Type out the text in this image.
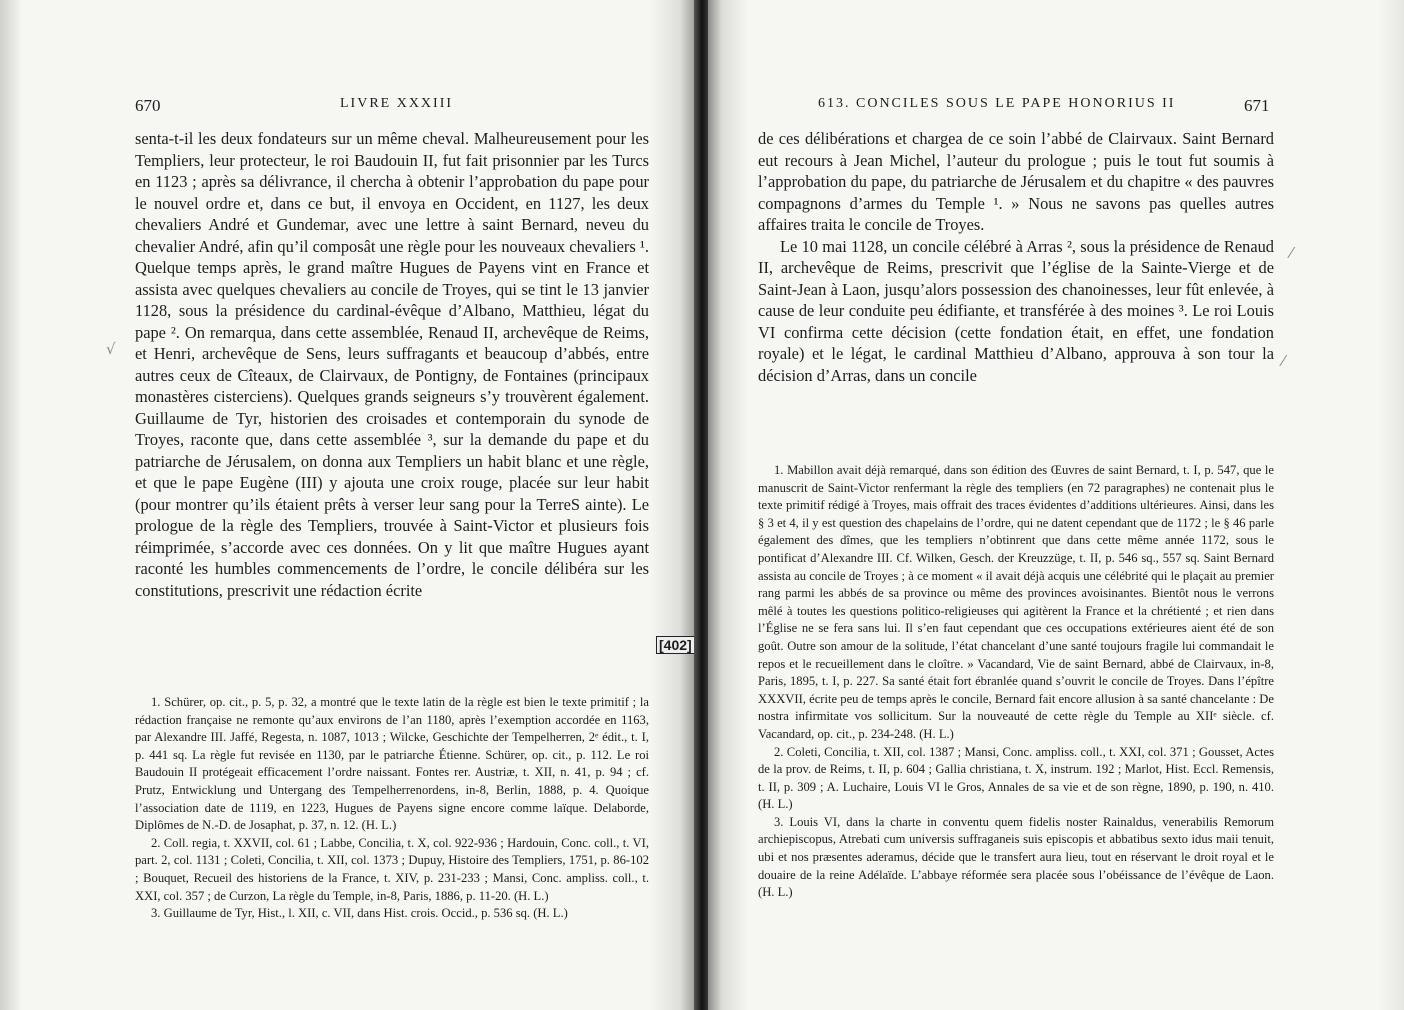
670	LIVRE XXXIII

senta-t-il les deux fondateurs sur un même cheval. Malheureusement pour les Templiers, leur protecteur, le roi Baudouin II, fut fait prisonnier par les Turcs en 1123 ; après sa délivrance, il chercha à obtenir l’approbation du pape pour le nouvel ordre et, dans ce but, il envoya en Occident, en 1127, les deux chevaliers André et Gundemar, avec une lettre à saint Bernard, neveu du chevalier André, afin qu’il composât une règle pour les nouveaux chevaliers ¹. Quelque temps après, le grand maître Hugues de Payens vint en France et assista avec quelques chevaliers au concile de Troyes, qui se tint le 13 janvier 1128, sous la présidence du cardinal-évêque d’Albano, Matthieu, légat du pape ². On remarqua, dans cette assemblée, Renaud II, archevêque de Reims, et Henri, archevêque de Sens, leurs suffragants et beaucoup d’abbés, entre autres ceux de Cîteaux, de Clairvaux, de Pontigny, de Fontaines (principaux monastères cisterciens). Quelques grands seigneurs s’y trouvèrent également. Guillaume de Tyr, historien des croisades et contemporain du synode de Troyes, raconte que, dans cette assemblée ³, sur la demande du pape et du patriarche de Jérusalem, on donna aux Templiers un habit blanc et une règle, et que le pape Eugène (III) y ajouta une croix rouge, placée sur leur habit (pour montrer qu’ils étaient prêts à verser leur sang pour la TerreS ainte). Le prologue de la règle des Templiers, trouvée à Saint-Victor et plusieurs fois réimprimée, s’accorde avec ces données. On y lit que maître Hugues ayant raconté les humbles commencements de l’ordre, le concile délibéra sur les constitutions, prescrivit une rédaction écrite

√
[402]

1. Schürer, op. cit., p. 5, p. 32, a montré que le texte latin de la règle est bien le texte primitif ; la rédaction française ne remonte qu’aux environs de l’an 1180, après l’exemption accordée en 1163, par Alexandre III. Jaffé, Regesta, n. 1087, 1013 ; Wilcke, Geschichte der Tempelherren, 2ᵉ édit., t. I, p. 441 sq. La règle fut revisée en 1130, par le patriarche Étienne. Schürer, op. cit., p. 112. Le roi Baudouin II protégeait efficacement l’ordre naissant. Fontes rer. Austriæ, t. XII, n. 41, p. 94 ; cf. Prutz, Entwicklung und Untergang des Tempelherrenordens, in-8, Berlin, 1888, p. 4. Quoique l’association date de 1119, en 1223, Hugues de Payens signe encore comme laïque. Delaborde, Diplômes de N.-D. de Josaphat, p. 37, n. 12. (H. L.)

2. Coll. regia, t. XXVII, col. 61 ; Labbe, Concilia, t. X, col. 922-936 ; Hardouin, Conc. coll., t. VI, part. 2, col. 1131 ; Coleti, Concilia, t. XII, col. 1373 ; Dupuy, Histoire des Templiers, 1751, p. 86-102 ; Bouquet, Recueil des historiens de la France, t. XIV, p. 231-233 ; Mansi, Conc. ampliss. coll., t. XXI, col. 357 ; de Curzon, La règle du Temple, in-8, Paris, 1886, p. 11-20. (H. L.)

3. Guillaume de Tyr, Hist., l. XII, c. VII, dans Hist. crois. Occid., p. 536 sq. (H. L.)

613. CONCILES SOUS LE PAPE HONORIUS II	671

de ces délibérations et chargea de ce soin l’abbé de Clairvaux. Saint Bernard eut recours à Jean Michel, l’auteur du prologue ; puis le tout fut soumis à l’approbation du pape, du patriarche de Jérusalem et du chapitre « des pauvres compagnons d’armes du Temple ¹. » Nous ne savons pas quelles autres affaires traita le concile de Troyes.

Le 10 mai 1128, un concile célébré à Arras ², sous la présidence de Renaud II, archevêque de Reims, prescrivit que l’église de la Sainte-Vierge et de Saint-Jean à Laon, jusqu’alors possession des chanoinesses, leur fût enlevée, à cause de leur conduite peu édifiante, et transférée à des moines ³. Le roi Louis VI confirma cette décision (cette fondation était, en effet, une fondation royale) et le légat, le cardinal Matthieu d’Albano, approuva à son tour la décision d’Arras, dans un concile

⁄
⁄

1. Mabillon avait déjà remarqué, dans son édition des Œuvres de saint Bernard, t. I, p. 547, que le manuscrit de Saint-Victor renfermant la règle des templiers (en 72 paragraphes) ne contenait plus le texte primitif rédigé à Troyes, mais offrait des traces évidentes d’additions ultérieures. Ainsi, dans les § 3 et 4, il y est question des chapelains de l’ordre, qui ne datent cependant que de 1172 ; le § 46 parle également des dîmes, que les templiers n’obtinrent que dans cette même année 1172, sous le pontificat d’Alexandre III. Cf. Wilken, Gesch. der Kreuzzüge, t. II, p. 546 sq., 557 sq. Saint Bernard assista au concile de Troyes ; à ce moment « il avait déjà acquis une célébrité qui le plaçait au premier rang parmi les abbés de sa province ou même des provinces avoisinantes. Bientôt nous le verrons mêlé à toutes les questions politico-religieuses qui agitèrent la France et la chrétienté ; et rien dans l’Église ne se fera sans lui. Il s’en faut cependant que ces occupations extérieures aient été de son goût. Outre son amour de la solitude, l’état chancelant d’une santé toujours fragile lui commandait le repos et le recueillement dans le cloître. » Vacandard, Vie de saint Bernard, abbé de Clairvaux, in-8, Paris, 1895, t. I, p. 227. Sa santé était fort ébranlée quand s’ouvrit le concile de Troyes. Dans l’épître XXXVII, écrite peu de temps après le concile, Bernard fait encore allusion à sa santé chancelante : De nostra infirmitate vos sollicitum. Sur la nouveauté de cette règle du Temple au XIIᵉ siècle. cf. Vacandard, op. cit., p. 234-248. (H. L.)

2. Coleti, Concilia, t. XII, col. 1387 ; Mansi, Conc. ampliss. coll., t. XXI, col. 371 ; Gousset, Actes de la prov. de Reims, t. II, p. 604 ; Gallia christiana, t. X, instrum. 192 ; Marlot, Hist. Eccl. Remensis, t. II, p. 309 ; A. Luchaire, Louis VI le Gros, Annales de sa vie et de son règne, 1890, p. 190, n. 410. (H. L.)

3. Louis VI, dans la charte in conventu quem fidelis noster Rainaldus, venerabilis Remorum archiepiscopus, Atrebati cum universis suffraganeis suis episcopis et abbatibus sexto idus maii tenuit, ubi et nos præsentes aderamus, décide que le transfert aura lieu, tout en réservant le droit royal et le douaire de la reine Adélaïde. L’abbaye réformée sera placée sous l’obéissance de l’évêque de Laon. (H. L.)
